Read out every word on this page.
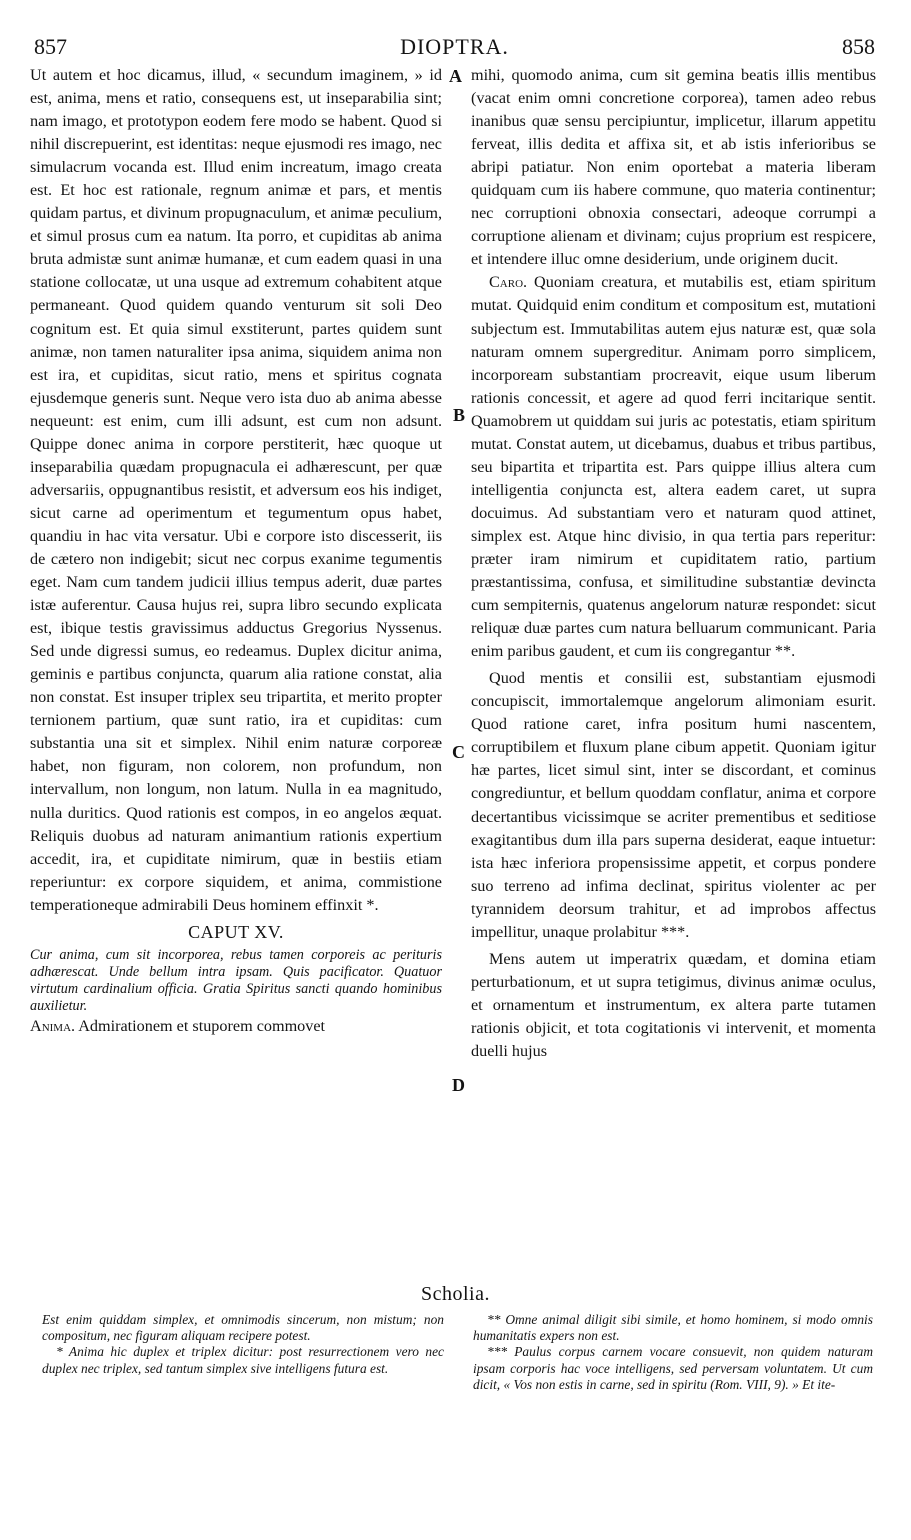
857	DIOPTRA.	858
A
B
C
D

Ut autem et hoc dicamus, illud, « secundum imaginem, » id est, anima, mens et ratio, consequens est, ut inseparabilia sint; nam imago, et prototypon eodem fere modo se habent. Quod si nihil discrepuerint, est identitas: neque ejusmodi res imago, nec simulacrum vocanda est. Illud enim increatum, imago creata est. Et hoc est rationale, regnum animæ et pars, et mentis quidam partus, et divinum propugnaculum, et animæ peculium, et simul prosus cum ea natum. Ita porro, et cupiditas ab anima bruta admistæ sunt animæ humanæ, et cum eadem quasi in una statione collocatæ, ut una usque ad extremum cohabitent atque permaneant. Quod quidem quando venturum sit soli Deo cognitum est. Et quia simul exstiterunt, partes quidem sunt animæ, non tamen naturaliter ipsa anima, siquidem anima non est ira, et cupiditas, sicut ratio, mens et spiritus cognata ejusdemque generis sunt. Neque vero ista duo ab anima abesse nequeunt: est enim, cum illi adsunt, est cum non adsunt. Quippe donec anima in corpore perstiterit, hæc quoque ut inseparabilia quædam propugnacula ei adhærescunt, per quæ adversariis, oppugnantibus resistit, et adversum eos his indiget, sicut carne ad operimentum et tegumentum opus habet, quandiu in hac vita versatur. Ubi e corpore isto discesserit, iis de cætero non indigebit; sicut nec corpus exanime tegumentis eget. Nam cum tandem judicii illius tempus aderit, duæ partes istæ auferentur. Causa hujus rei, supra libro secundo explicata est, ibique testis gravissimus adductus Gregorius Nyssenus. Sed unde digressi sumus, eo redeamus. Duplex dicitur anima, geminis e partibus conjuncta, quarum alia ratione constat, alia non constat. Est insuper triplex seu tripartita, et merito propter ternionem partium, quæ sunt ratio, ira et cupiditas: cum substantia una sit et simplex. Nihil enim naturæ corporeæ habet, non figuram, non colorem, non profundum, non intervallum, non longum, non latum. Nulla in ea magnitudo, nulla duritics. Quod rationis est compos, in eo angelos æquat. Reliquis duobus ad naturam animantium rationis expertium accedit, ira, et cupiditate nimirum, quæ in bestiis etiam reperiuntur: ex corpore siquidem, et anima, commistione temperationeque admirabili Deus hominem effinxit *.

CAPUT XV.

Cur anima, cum sit incorporea, rebus tamen corporeis ac perituris adhærescat. Unde bellum intra ipsam. Quis pacificator. Quatuor virtutum cardinalium officia. Gratia Spiritus sancti quando hominibus auxilietur.

Anima. Admirationem et stuporem commovet

mihi, quomodo anima, cum sit gemina beatis illis mentibus (vacat enim omni concretione corporea), tamen adeo rebus inanibus quæ sensu percipiuntur, implicetur, illarum appetitu ferveat, illis dedita et affixa sit, et ab istis inferioribus se abripi patiatur. Non enim oportebat a materia liberam quidquam cum iis habere commune, quo materia continentur; nec corruptioni obnoxia consectari, adeoque corrumpi a corruptione alienam et divinam; cujus proprium est respicere, et intendere illuc omne desiderium, unde originem ducit.

Caro. Quoniam creatura, et mutabilis est, etiam spiritum mutat. Quidquid enim conditum et compositum est, mutationi subjectum est. Immutabilitas autem ejus naturæ est, quæ sola naturam omnem supergreditur. Animam porro simplicem, incorpoream substantiam procreavit, eique usum liberum rationis concessit, et agere ad quod ferri incitarique sentit. Quamobrem ut quiddam sui juris ac potestatis, etiam spiritum mutat. Constat autem, ut dicebamus, duabus et tribus partibus, seu bipartita et tripartita est. Pars quippe illius altera cum intelligentia conjuncta est, altera eadem caret, ut supra docuimus. Ad substantiam vero et naturam quod attinet, simplex est. Atque hinc divisio, in qua tertia pars reperitur: præter iram nimirum et cupiditatem ratio, partium præstantissima, confusa, et similitudine substantiæ devincta cum sempiternis, quatenus angelorum naturæ respondet: sicut reliquæ duæ partes cum natura belluarum communicant. Paria enim paribus gaudent, et cum iis congregantur **.

Quod mentis et consilii est, substantiam ejusmodi concupiscit, immortalemque angelorum alimoniam esurit. Quod ratione caret, infra positum humi nascentem, corruptibilem et fluxum plane cibum appetit. Quoniam igitur hæ partes, licet simul sint, inter se discordant, et cominus congrediuntur, et bellum quoddam conflatur, anima et corpore decertantibus vicissimque se acriter prementibus et seditiose exagitantibus dum illa pars superna desiderat, eaque intuetur: ista hæc inferiora propensissime appetit, et corpus pondere suo terreno ad infima declinat, spiritus violenter ac per tyrannidem deorsum trahitur, et ad improbos affectus impellitur, unaque prolabitur ***.

Mens autem ut imperatrix quædam, et domina etiam perturbationum, et ut supra tetigimus, divinus animæ oculus, et ornamentum et instrumentum, ex altera parte tutamen rationis objicit, et tota cogitationis vi intervenit, et momenta duelli hujus

Scholia.

Est enim quiddam simplex, et omnimodis sincerum, non mistum; non compositum, nec figuram aliquam recipere potest.

* Anima hic duplex et triplex dicitur: post resurrectionem vero nec duplex nec triplex, sed tantum simplex sive intelligens futura est.

** Omne animal diligit sibi simile, et homo hominem, si modo omnis humanitatis expers non est.

*** Paulus corpus carnem vocare consuevit, non quidem naturam ipsam corporis hac voce intelligens, sed perversam voluntatem. Ut cum dicit, « Vos non estis in carne, sed in spiritu (Rom. VIII, 9). » Et ite-
